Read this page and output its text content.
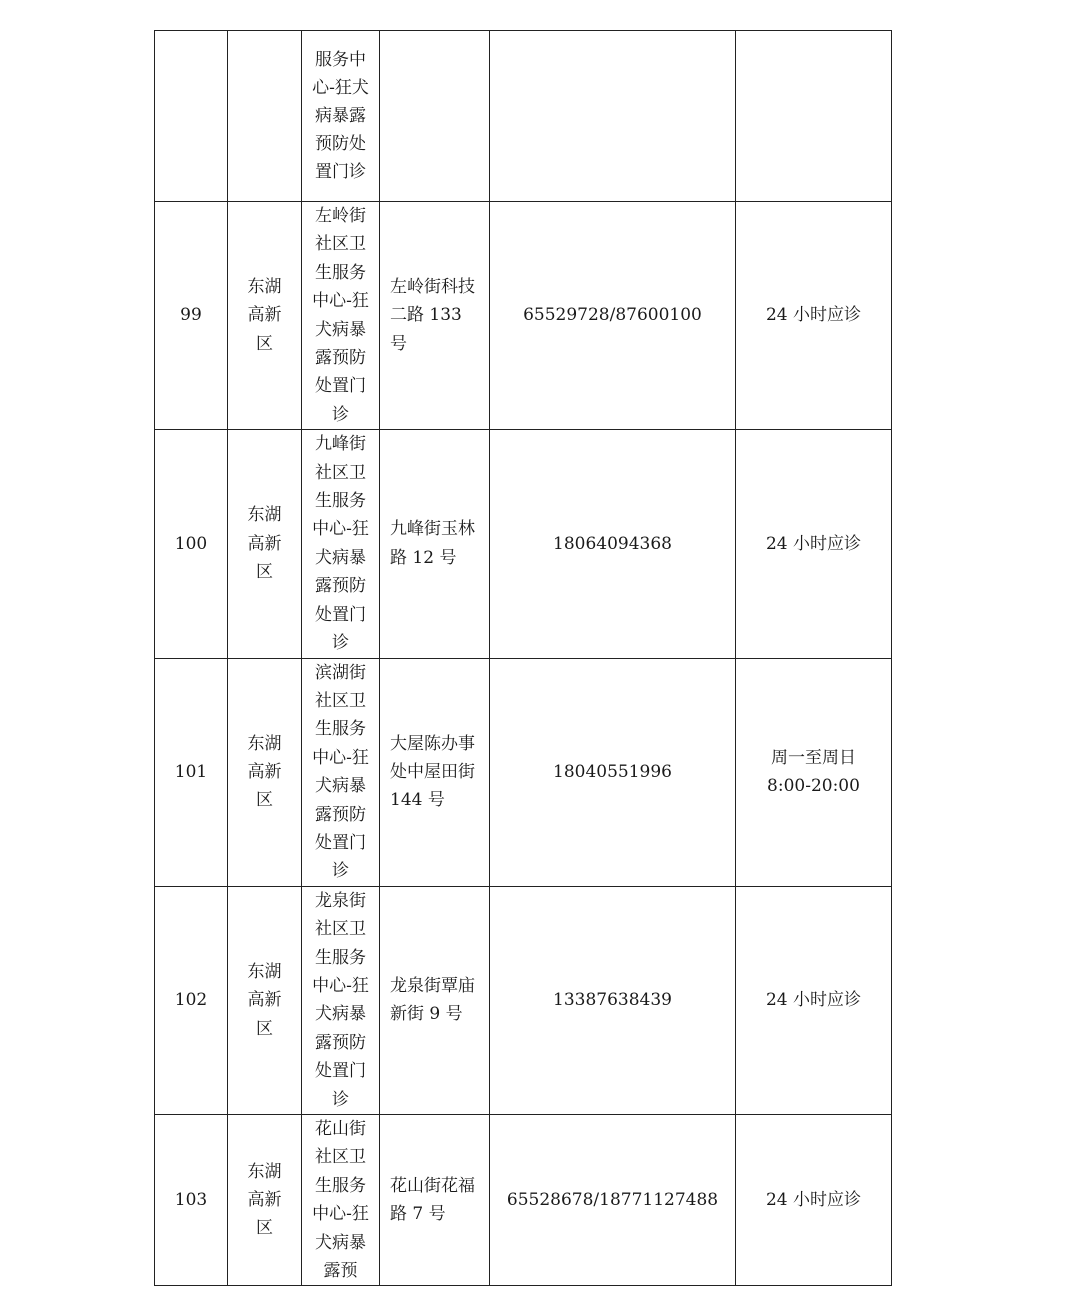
		服务中心-狂犬病暴露预防处置门诊			

99	东湖高新区	左岭街社区卫生服务中心-狂犬病暴露预防处置门诊	左岭街科技二路 133 号	65529728/87600100	24 小时应诊

100	东湖高新区	九峰街社区卫生服务中心-狂犬病暴露预防处置门诊	九峰街玉林路 12 号	18064094368	24 小时应诊

101	东湖高新区	滨湖街社区卫生服务中心-狂犬病暴露预防处置门诊	大屋陈办事处中屋田街 144 号	18040551996	周一至周日 8:00-20:00

102	东湖高新区	龙泉街社区卫生服务中心-狂犬病暴露预防处置门诊	龙泉街覃庙新街 9 号	13387638439	24 小时应诊

103	东湖高新区	花山街社区卫生服务中心-狂犬病暴露预	花山街花福路 7 号	65528678/18771127488	24 小时应诊
